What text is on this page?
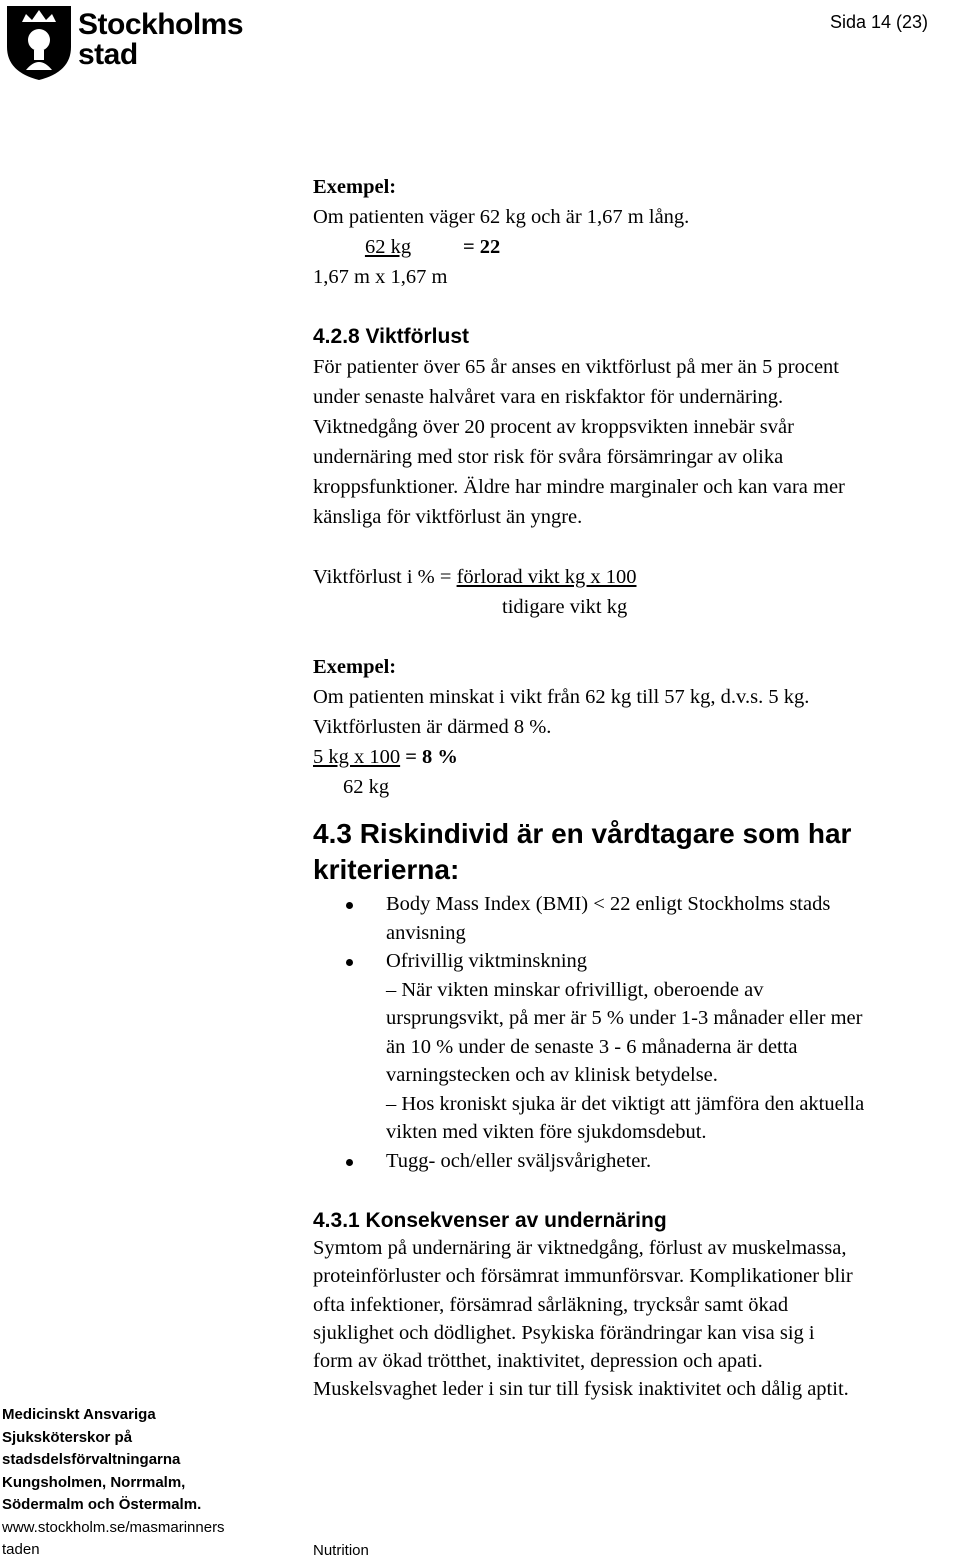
Stockholms
stad
Sida 14 (23)
Exempel:
Om patienten väger 62 kg och är 1,67 m lång.
62 kg	= 22
1,67 m x 1,67 m
4.2.8 Viktförlust
För patienter över 65 år anses en viktförlust på mer än 5 procent
under senaste halvåret vara en riskfaktor för undernäring.
Viktnedgång över 20 procent av kroppsvikten innebär svår
undernäring med stor risk för svåra försämringar av olika
kroppsfunktioner. Äldre har mindre marginaler och kan vara mer
känsliga för viktförlust än yngre.
Viktförlust i % = förlorad vikt kg x 100
tidigare vikt kg
Exempel:
Om patienten minskat i vikt från 62 kg till 57 kg, d.v.s. 5 kg.
Viktförlusten är därmed 8 %.
5 kg x 100 = 8 %
62 kg
4.3 Riskindivid är en vårdtagare som har
kriterierna:
Body Mass Index (BMI) < 22 enligt Stockholms stads
anvisning
Ofrivillig viktminskning
– När vikten minskar ofrivilligt, oberoende av
ursprungsvikt, på mer är 5 % under 1-3 månader eller mer
än 10 % under de senaste 3 - 6 månaderna är detta
varningstecken och av klinisk betydelse.
– Hos kroniskt sjuka är det viktigt att jämföra den aktuella
vikten med vikten före sjukdomsdebut.
Tugg- och/eller sväljsvårigheter.
4.3.1 Konsekvenser av undernäring
Symtom på undernäring är viktnedgång, förlust av muskelmassa,
proteinförluster och försämrat immunförsvar. Komplikationer blir
ofta infektioner, försämrad sårläkning, trycksår samt ökad
sjuklighet och dödlighet. Psykiska förändringar kan visa sig i
form av ökad trötthet, inaktivitet, depression och apati.
Muskelsvaghet leder i sin tur till fysisk inaktivitet och dålig aptit.
Medicinskt Ansvariga
Sjuksköterskor på
stadsdelsförvaltningarna
Kungsholmen, Norrmalm,
Södermalm och Östermalm.
www.stockholm.se/masmarinners
taden	Nutrition
